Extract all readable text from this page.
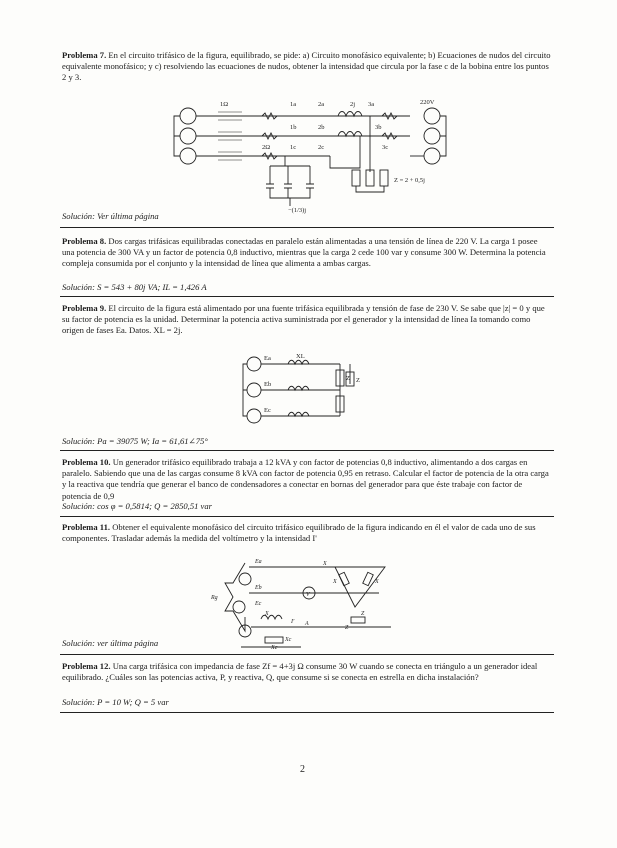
Problema 7. En el circuito trifásico de la figura, equilibrado, se pide: a) Circuito monofásico equivalente; b) Ecuaciones de nudos del circuito equivalente monofásico; y c) resolviendo las ecuaciones de nudos, obtener la intensidad que circula por la fase c de la bobina entre los puntos 2 y 3.
1Ω	1a	2a	2j 3a	220V
1b	2b	3b
1c	3c
2c
2Ω
Z = 2 + 0,5j
−(1/3)j
Solución: Ver última página
Problema 8. Dos cargas trifásicas equilibradas conectadas en paralelo están alimentadas a una tensión de línea de 220 V. La carga 1 posee una potencia de 300 VA y un factor de potencia 0,8 inductivo, mientras que la carga 2 cede 100 var y consume 300 W. Determina la potencia compleja consumida por el conjunto y la intensidad de línea que alimenta a ambas cargas.
Solución: S = 543 + 80j VA; IL = 1,426 A
Problema 9. El circuito de la figura está alimentado por una fuente trifásica equilibrada y tensión de fase de 230 V. Se sabe que |z| = 0 y que su factor de potencia es la unidad. Determinar la potencia activa suministrada por el generador y la intensidad de línea Ia tomando como origen de fases Ea. Datos. XL = 2j.
Ea
Eb
Ec
XL
Z Z
Solución: Pa = 39075 W; Ia = 61,61∠75°
Problema 10. Un generador trifásico equilibrado trabaja a 12 kVA y con factor de potencias 0,8 inductivo, alimentando a dos cargas en paralelo. Sabiendo que una de las cargas consume 8 kVA con factor de potencia 0,95 en retraso. Calcular el factor de potencia de la otra carga y la reactiva que tendría que generar el banco de condensadores a conectar en bornas del generador para que éste trabaje con factor de potencia de 0,9
Solución: cos φ = 0,5814; Q = 2850,51 var
Problema 11. Obtener el equivalente monofásico del circuito trifásico equilibrado de la figura indicando en él el valor de cada uno de sus componentes. Trasladar además la medida del voltímetro y la intensidad I'
Ea
Eb
Ec
Rg	V
X
X	X
X	Z
−Xc
A
I'
Xc
Z
Solución: ver última página
Problema 12. Una carga trifásica con impedancia de fase Zf = 4+3j Ω consume 30 W cuando se conecta en triángulo a un generador ideal equilibrado. ¿Cuáles son las potencias activa, P, y reactiva, Q, que consume si se conecta en estrella en dicha instalación?
Solución: P = 10 W; Q = 5 var
2
